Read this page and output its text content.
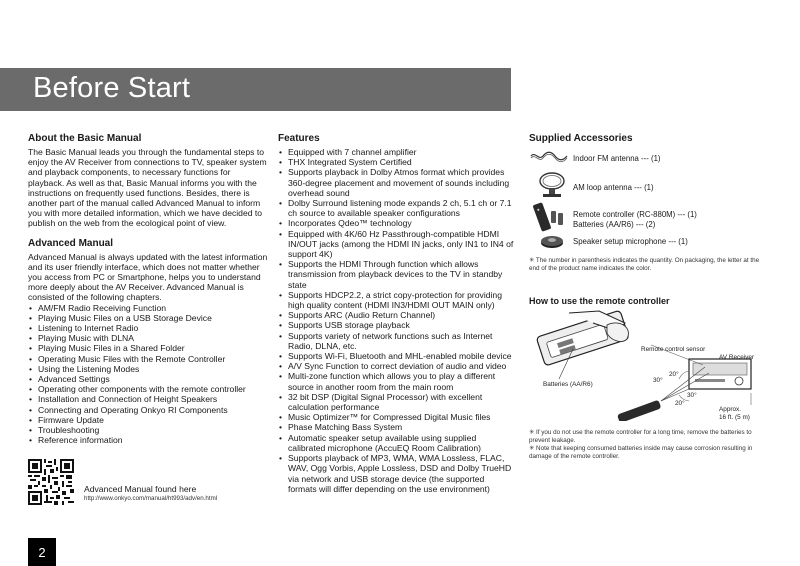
Before Start
About the Basic Manual

The Basic Manual leads you through the fundamental steps to enjoy the AV Receiver from connections to TV, speaker system and playback components, to necessary functions for playback. As well as that, Basic Manual informs you with the instructions on frequently used functions. Besides, there is another part of the manual called Advanced Manual to inform you with more detailed information, which we have decided to publish on the web from the ecological point of view.

Advanced Manual

Advanced Manual is always updated with the latest information and its user friendly interface, which does not matter whether you access from PC or Smartphone, helps you to understand more deeply about the AV Receiver. Advanced Manual is consisted of the following chapters.

• AM/FM Radio Receiving Function
• Playing Music Files on a USB Storage Device
• Listening to Internet Radio
• Playing Music with DLNA
• Playing Music Files in a Shared Folder
• Operating Music Files with the Remote Controller
• Using the Listening Modes
• Advanced Settings
• Operating other components with the remote controller
• Installation and Connection of Height Speakers
• Connecting and Operating Onkyo RI Components
• Firmware Update
• Troubleshooting
• Reference information
Advanced Manual found here
http://www.onkyo.com/manual/ht993/adv/en.html
Features
• Equipped with 7 channel amplifier
• THX Integrated System Certified
• Supports playback in Dolby Atmos format which provides 360-degree placement and movement of sounds including overhead sound
• Dolby Surround listening mode expands 2 ch, 5.1 ch or 7.1 ch source to available speaker configurations
• Incorporates Qdeo™ technology
• Equipped with 4K/60 Hz Passthrough-compatible HDMI IN/OUT jacks (among the HDMI IN jacks, only IN1 to IN4 of support 4K)
• Supports the HDMI Through function which allows transmission from playback devices to the TV in standby state
• Supports HDCP2.2, a strict copy-protection for providing high quality content (HDMI IN3/HDMI OUT MAIN only)
• Supports ARC (Audio Return Channel)
• Supports USB storage playback
• Supports variety of network functions such as Internet Radio, DLNA, etc.
• Supports Wi-Fi, Bluetooth and MHL-enabled mobile device
• A/V Sync Function to correct deviation of audio and video
• Multi-zone function which allows you to play a different source in another room from the main room
• 32 bit DSP (Digital Signal Processor) with excellent calculation performance
• Music Optimizer™ for Compressed Digital Music files
• Phase Matching Bass System
• Automatic speaker setup available using supplied calibrated microphone (AccuEQ Room Calibration)
• Supports playback of MP3, WMA, WMA Lossless, FLAC, WAV, Ogg Vorbis, Apple Lossless, DSD and Dolby TrueHD via network and USB storage device (the supported formats will differ depending on the use environment)
Supplied Accessories
Indoor FM antenna --- (1)
AM loop antenna --- (1)
Remote controller (RC-880M) --- (1)
Batteries (AA/R6) --- (2)
Speaker setup microphone --- (1)
✳ The number in parenthesis indicates the quantity. On packaging, the letter at the end of the product name indicates the color.
How to use the remote controller
Remote control sensor
AV Receiver
Batteries (AA/R6)
20°
30°
30°
20°
Approx.
16 ft. (5 m)
✳ If you do not use the remote controller for a long time, remove the batteries to prevent leakage.
✳ Note that keeping consumed batteries inside may cause corrosion resulting in damage of the remote controller.
2
